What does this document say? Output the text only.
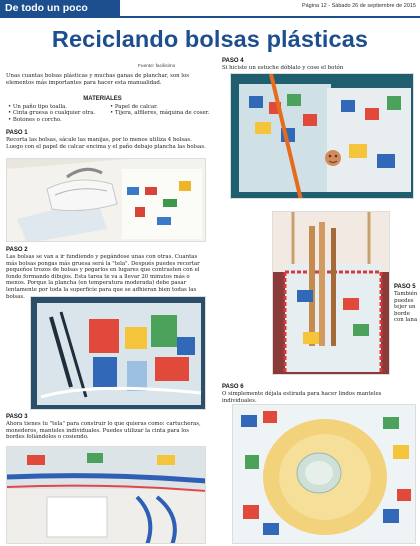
De todo un poco	Página 12 - Sábado 26 de septiembre de 2015
Reciclando bolsas plásticas
Fuente: facilisimo
Unas cuantas bolsas plásticas y muchas ganas de planchar, son los elementos más importantes para hacer esta manualidad.
MATERIALES
• Un paño tipo toalla.
• Cinta gruesa o cualquier otra.
• Botones o corcho.
• Papel de calcar.
• Tijera, alfileres, máquina de coser.
PASO 1
Recorta las bolsas, sácale las manijas, por lo menos utiliza 4 bolsas. Luego con el papel de calcar encima y el paño debajo plancha las bolsas.
PASO 2
Las bolsas se van a ir fundiendo y pegándose unas con otras. Cuantas más bolsas pongas más gruesa será la "tela". Después puedes recortar pequeños trozos de bolsas y pegarlos en lugares que contrasten con el fondo formando dibujos. Esta tarea te va a llevar 20 minutos más o menos. Porque la plancha (en temperatura moderada) debe pasar lentamente por toda la superficie para que se adhieran bien todas las bolsas.
PASO 3
Ahora tienes tu "tela" para construir lo que quieras como: cartucheras, monederos, manteles individuales. Puedes utilizar la cinta para los bordes foliándolos o cosiendo.
PASO 4
Si hiciste un estuche dóblalo y cose el botón
PASO 5
También puedes tejer un borde con lana
PASO 6
O simplemente déjala estirada para hacer lindos manteles individuales.
